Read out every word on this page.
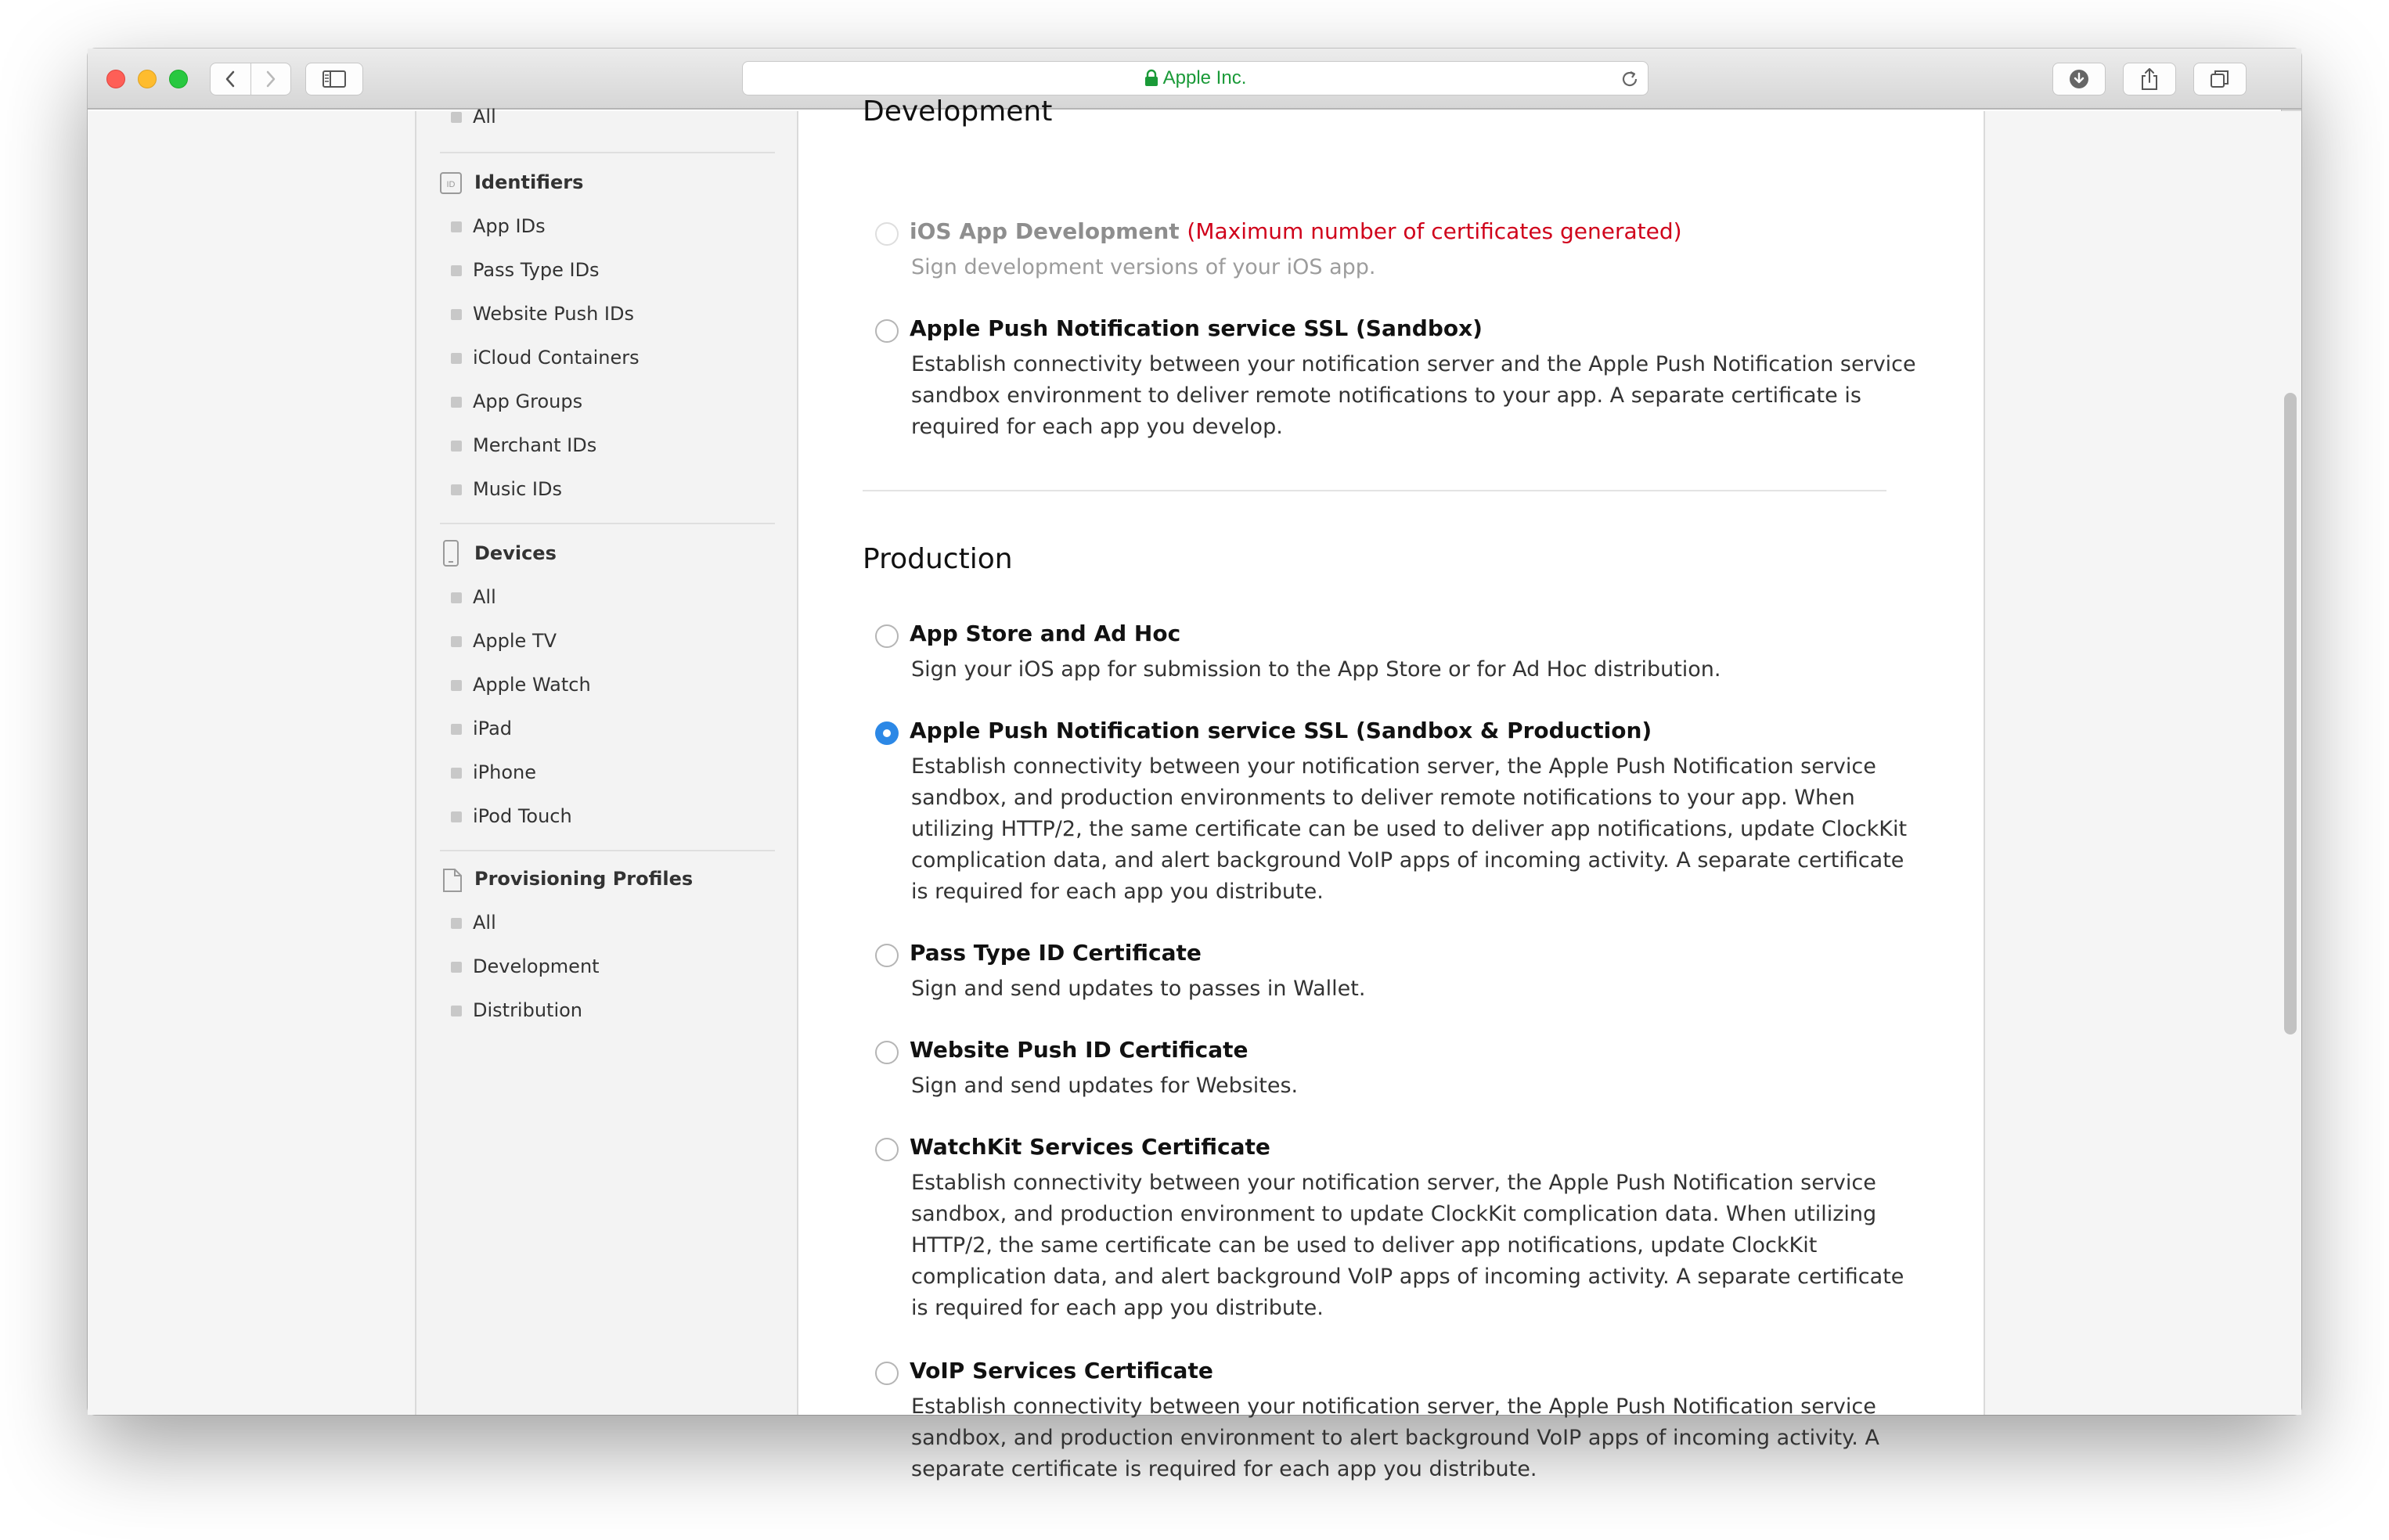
Apple Inc.
All
ID Identifiers
App IDs
Pass Type IDs
Website Push IDs
iCloud Containers
App Groups
Merchant IDs
Music IDs
Devices
All
Apple TV
Apple Watch
iPad
iPhone
iPod Touch
Provisioning Profiles
All
Development
Distribution
Development
iOS App Development (Maximum number of certificates generated)
Sign development versions of your iOS app.
Apple Push Notification service SSL (Sandbox)
Establish connectivity between your notification server and the Apple Push Notification service sandbox environment to deliver remote notifications to your app. A separate certificate is required for each app you develop.
Production
App Store and Ad Hoc
Sign your iOS app for submission to the App Store or for Ad Hoc distribution.
Apple Push Notification service SSL (Sandbox & Production)
Establish connectivity between your notification server, the Apple Push Notification service sandbox, and production environments to deliver remote notifications to your app. When utilizing HTTP/2, the same certificate can be used to deliver app notifications, update ClockKit complication data, and alert background VoIP apps of incoming activity. A separate certificate is required for each app you distribute.
Pass Type ID Certificate
Sign and send updates to passes in Wallet.
Website Push ID Certificate
Sign and send updates for Websites.
WatchKit Services Certificate
Establish connectivity between your notification server, the Apple Push Notification service sandbox, and production environment to update ClockKit complication data. When utilizing HTTP/2, the same certificate can be used to deliver app notifications, update ClockKit complication data, and alert background VoIP apps of incoming activity. A separate certificate is required for each app you distribute.
VoIP Services Certificate
Establish connectivity between your notification server, the Apple Push Notification service sandbox, and production environment to alert background VoIP apps of incoming activity. A separate certificate is required for each app you distribute.
